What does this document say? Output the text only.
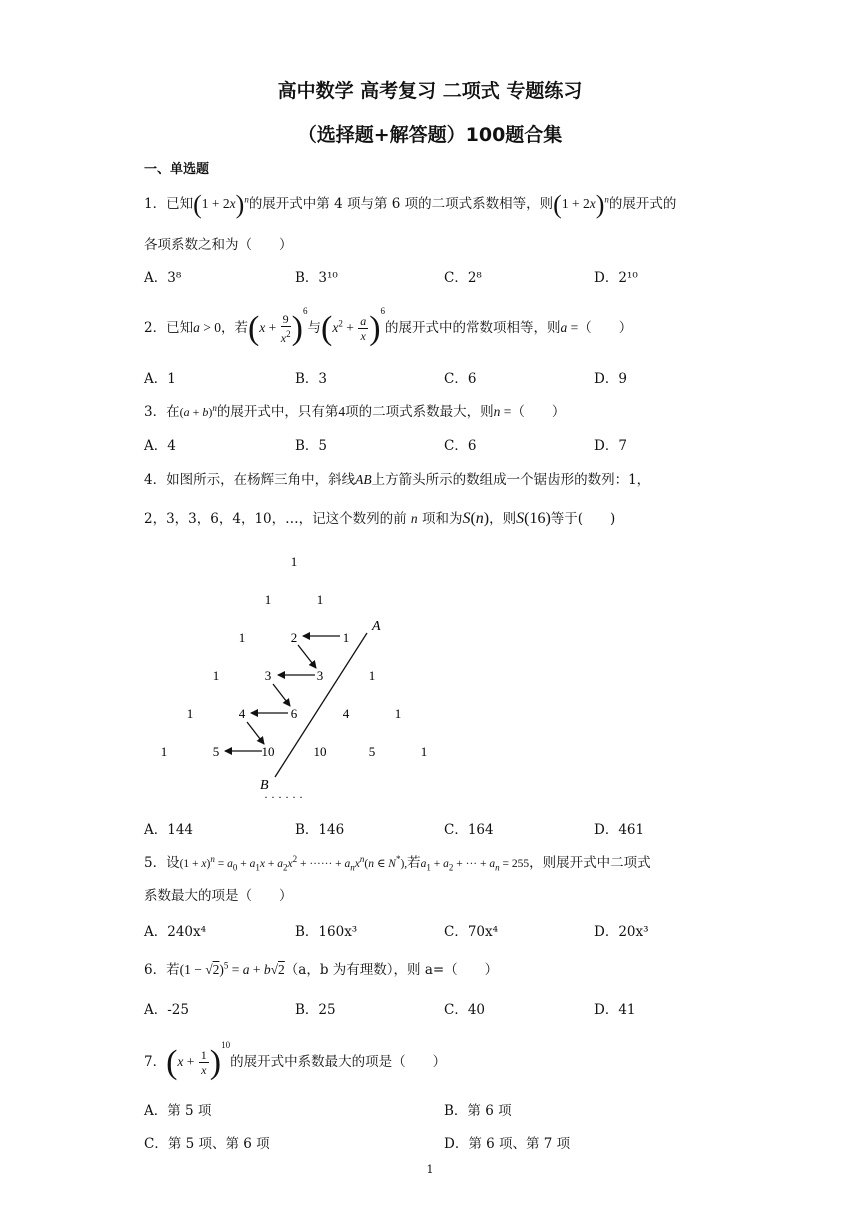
高中数学 高考复习 二项式 专题练习
（选择题+解答题）100题合集
一、单选题
1．已知$(1 + 2x)^n$的展开式中第 4 项与第 6 项的二项式系数相等，则$(1 + 2x)^n$的展开式的
各项系数之和为（　　）
A．3⁸	B．3¹⁰	C．2⁸	D．2¹⁰
2．已知a > 0，若$(x + \frac{9}{x^2} )^6$与$(x^2 + \frac{a}{x} )^6$的展开式中的常数项相等，则a =（　　）
A．1	B．3	C．6	D．9
3．在$(a + b)^n$的展开式中，只有第4项的二项式系数最大，则n =（　　）
A．4	B．5	C．6	D．7
4．如图所示，在杨辉三角中，斜线AB上方箭头所示的数组成一个锯齿形的数列：1，
2，3，3，6，4，10，…，记这个数列的前 n 项和为S(n)，则S(16)等于(　　)
1
1	1
1	2	1
1	3	3	1
1	4	6	4	1
1	5	10	10	5	1
A
B
· · · · · ·
A．144	B．146	C．164	D．461
5．设$(1 + x)^n = a_0 + a_1x + a_2x^2$ + ······ + $a_nx^n(n$ ∈ N*),若$a_1 + a_2$ + ··· + $a_n = 255$，则展开式中二项式
系数最大的项是（　　）
A．240x⁴	B．160x³	C．70x⁴	D．20x³
6．若$(1 - √2)^5 = a + b√2(a$，b 为有理数），则 a=（　　）
A．-25	B．25	C．40	D．41
7．$(x + \frac{1}{x} )^{10}$的展开式中系数最大的项是（　　）
A．第 5 项	B．第 6 项
C．第 5 项、第 6 项	D．第 6 项、第 7 项
1
